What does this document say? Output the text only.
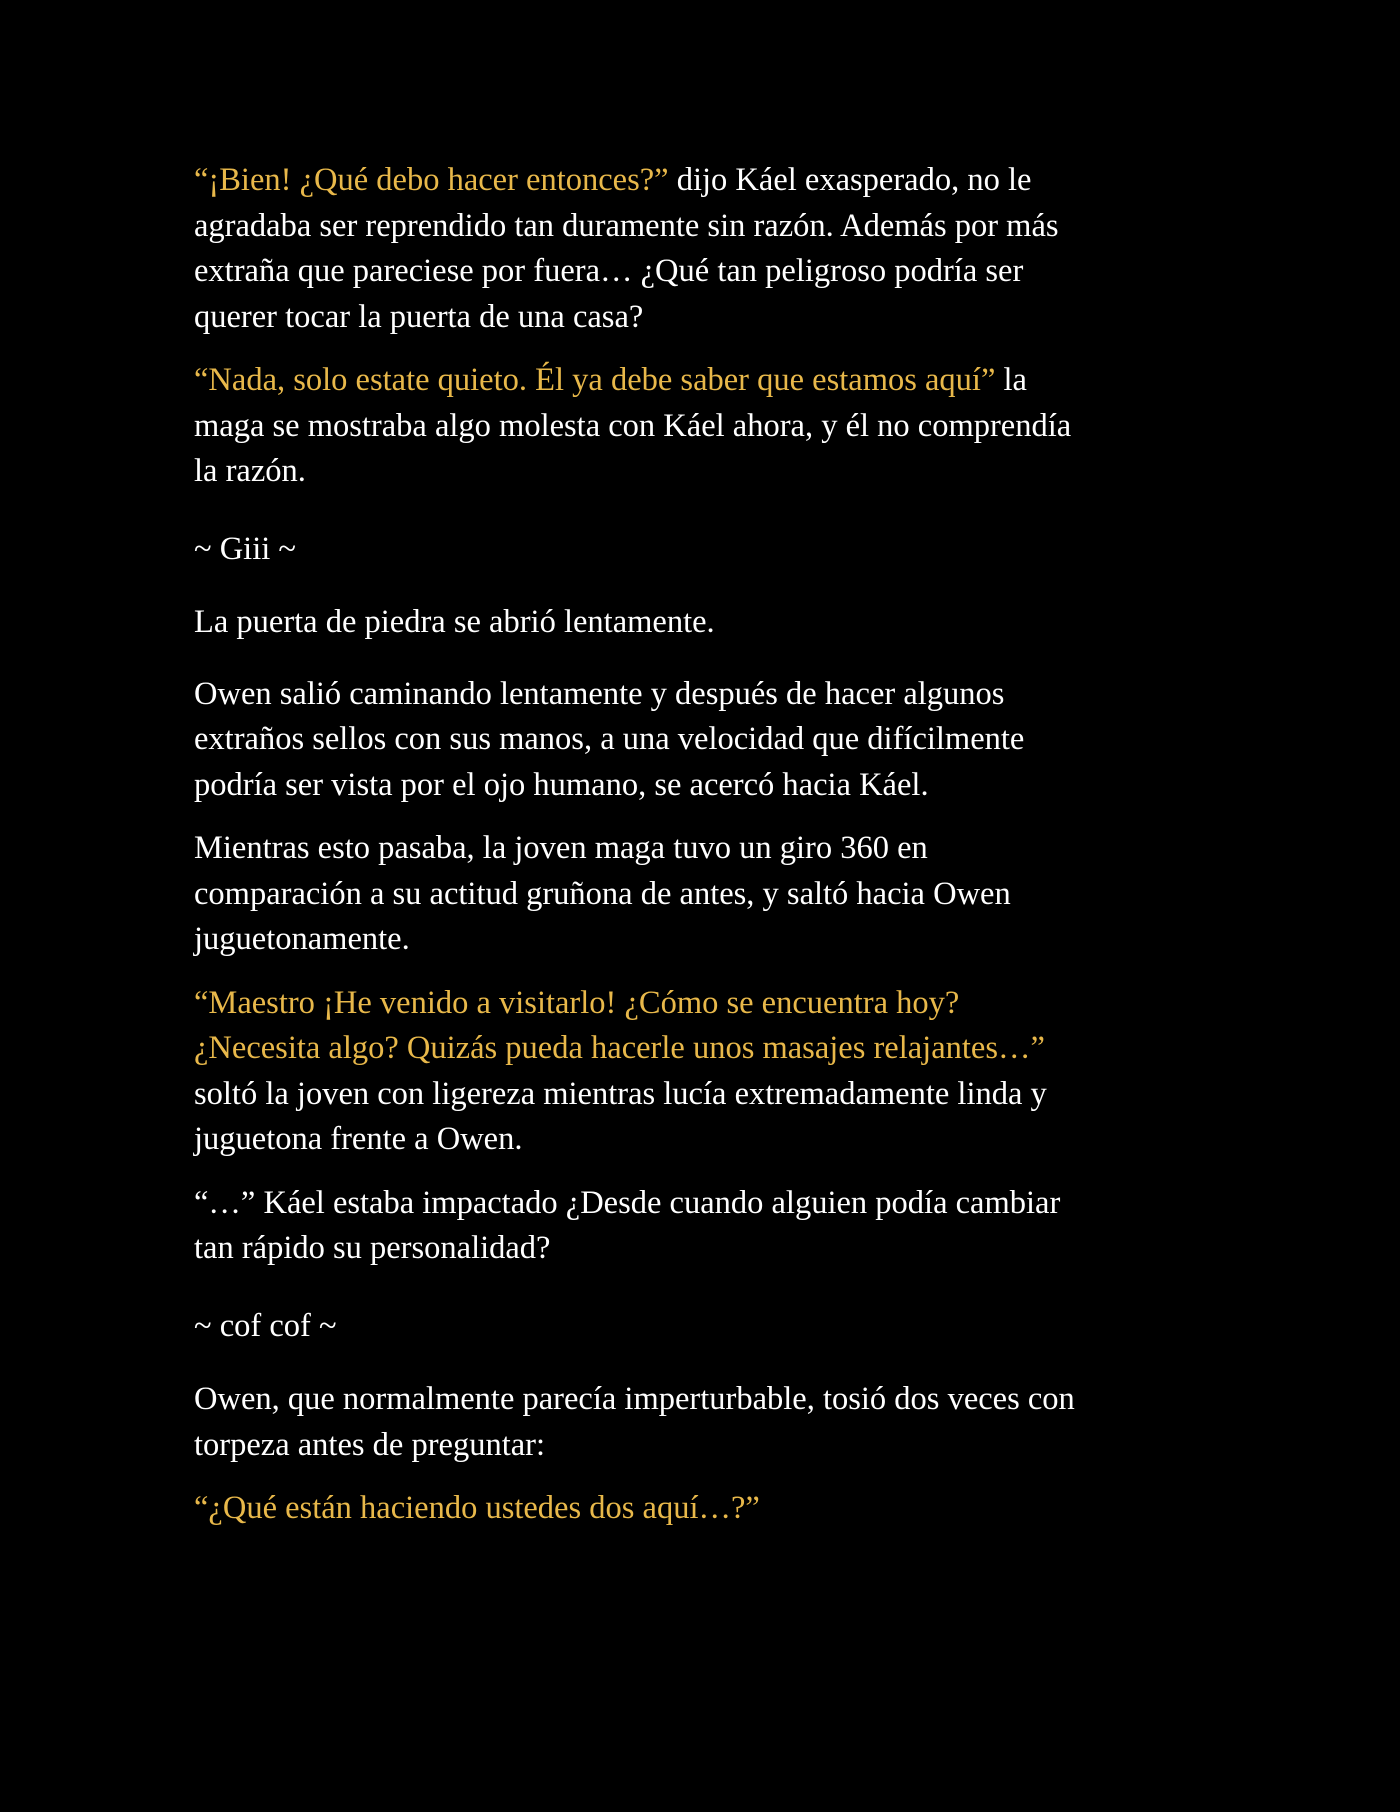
“¡Bien! ¿Qué debo hacer entonces?” dijo Káel exasperado, no le
agradaba ser reprendido tan duramente sin razón. Además por más
extraña que pareciese por fuera… ¿Qué tan peligroso podría ser
querer tocar la puerta de una casa?

“Nada, solo estate quieto. Él ya debe saber que estamos aquí” la
maga se mostraba algo molesta con Káel ahora, y él no comprendía
la razón.

~ Giii ~

La puerta de piedra se abrió lentamente.

Owen salió caminando lentamente y después de hacer algunos
extraños sellos con sus manos, a una velocidad que difícilmente
podría ser vista por el ojo humano, se acercó hacia Káel.

Mientras esto pasaba, la joven maga tuvo un giro 360 en
comparación a su actitud gruñona de antes, y saltó hacia Owen
juguetonamente.

“Maestro ¡He venido a visitarlo! ¿Cómo se encuentra hoy?
¿Necesita algo? Quizás pueda hacerle unos masajes relajantes…”
soltó la joven con ligereza mientras lucía extremadamente linda y
juguetona frente a Owen.

“…” Káel estaba impactado ¿Desde cuando alguien podía cambiar
tan rápido su personalidad?

~ cof cof ~

Owen, que normalmente parecía imperturbable, tosió dos veces con
torpeza antes de preguntar:

“¿Qué están haciendo ustedes dos aquí…?”
